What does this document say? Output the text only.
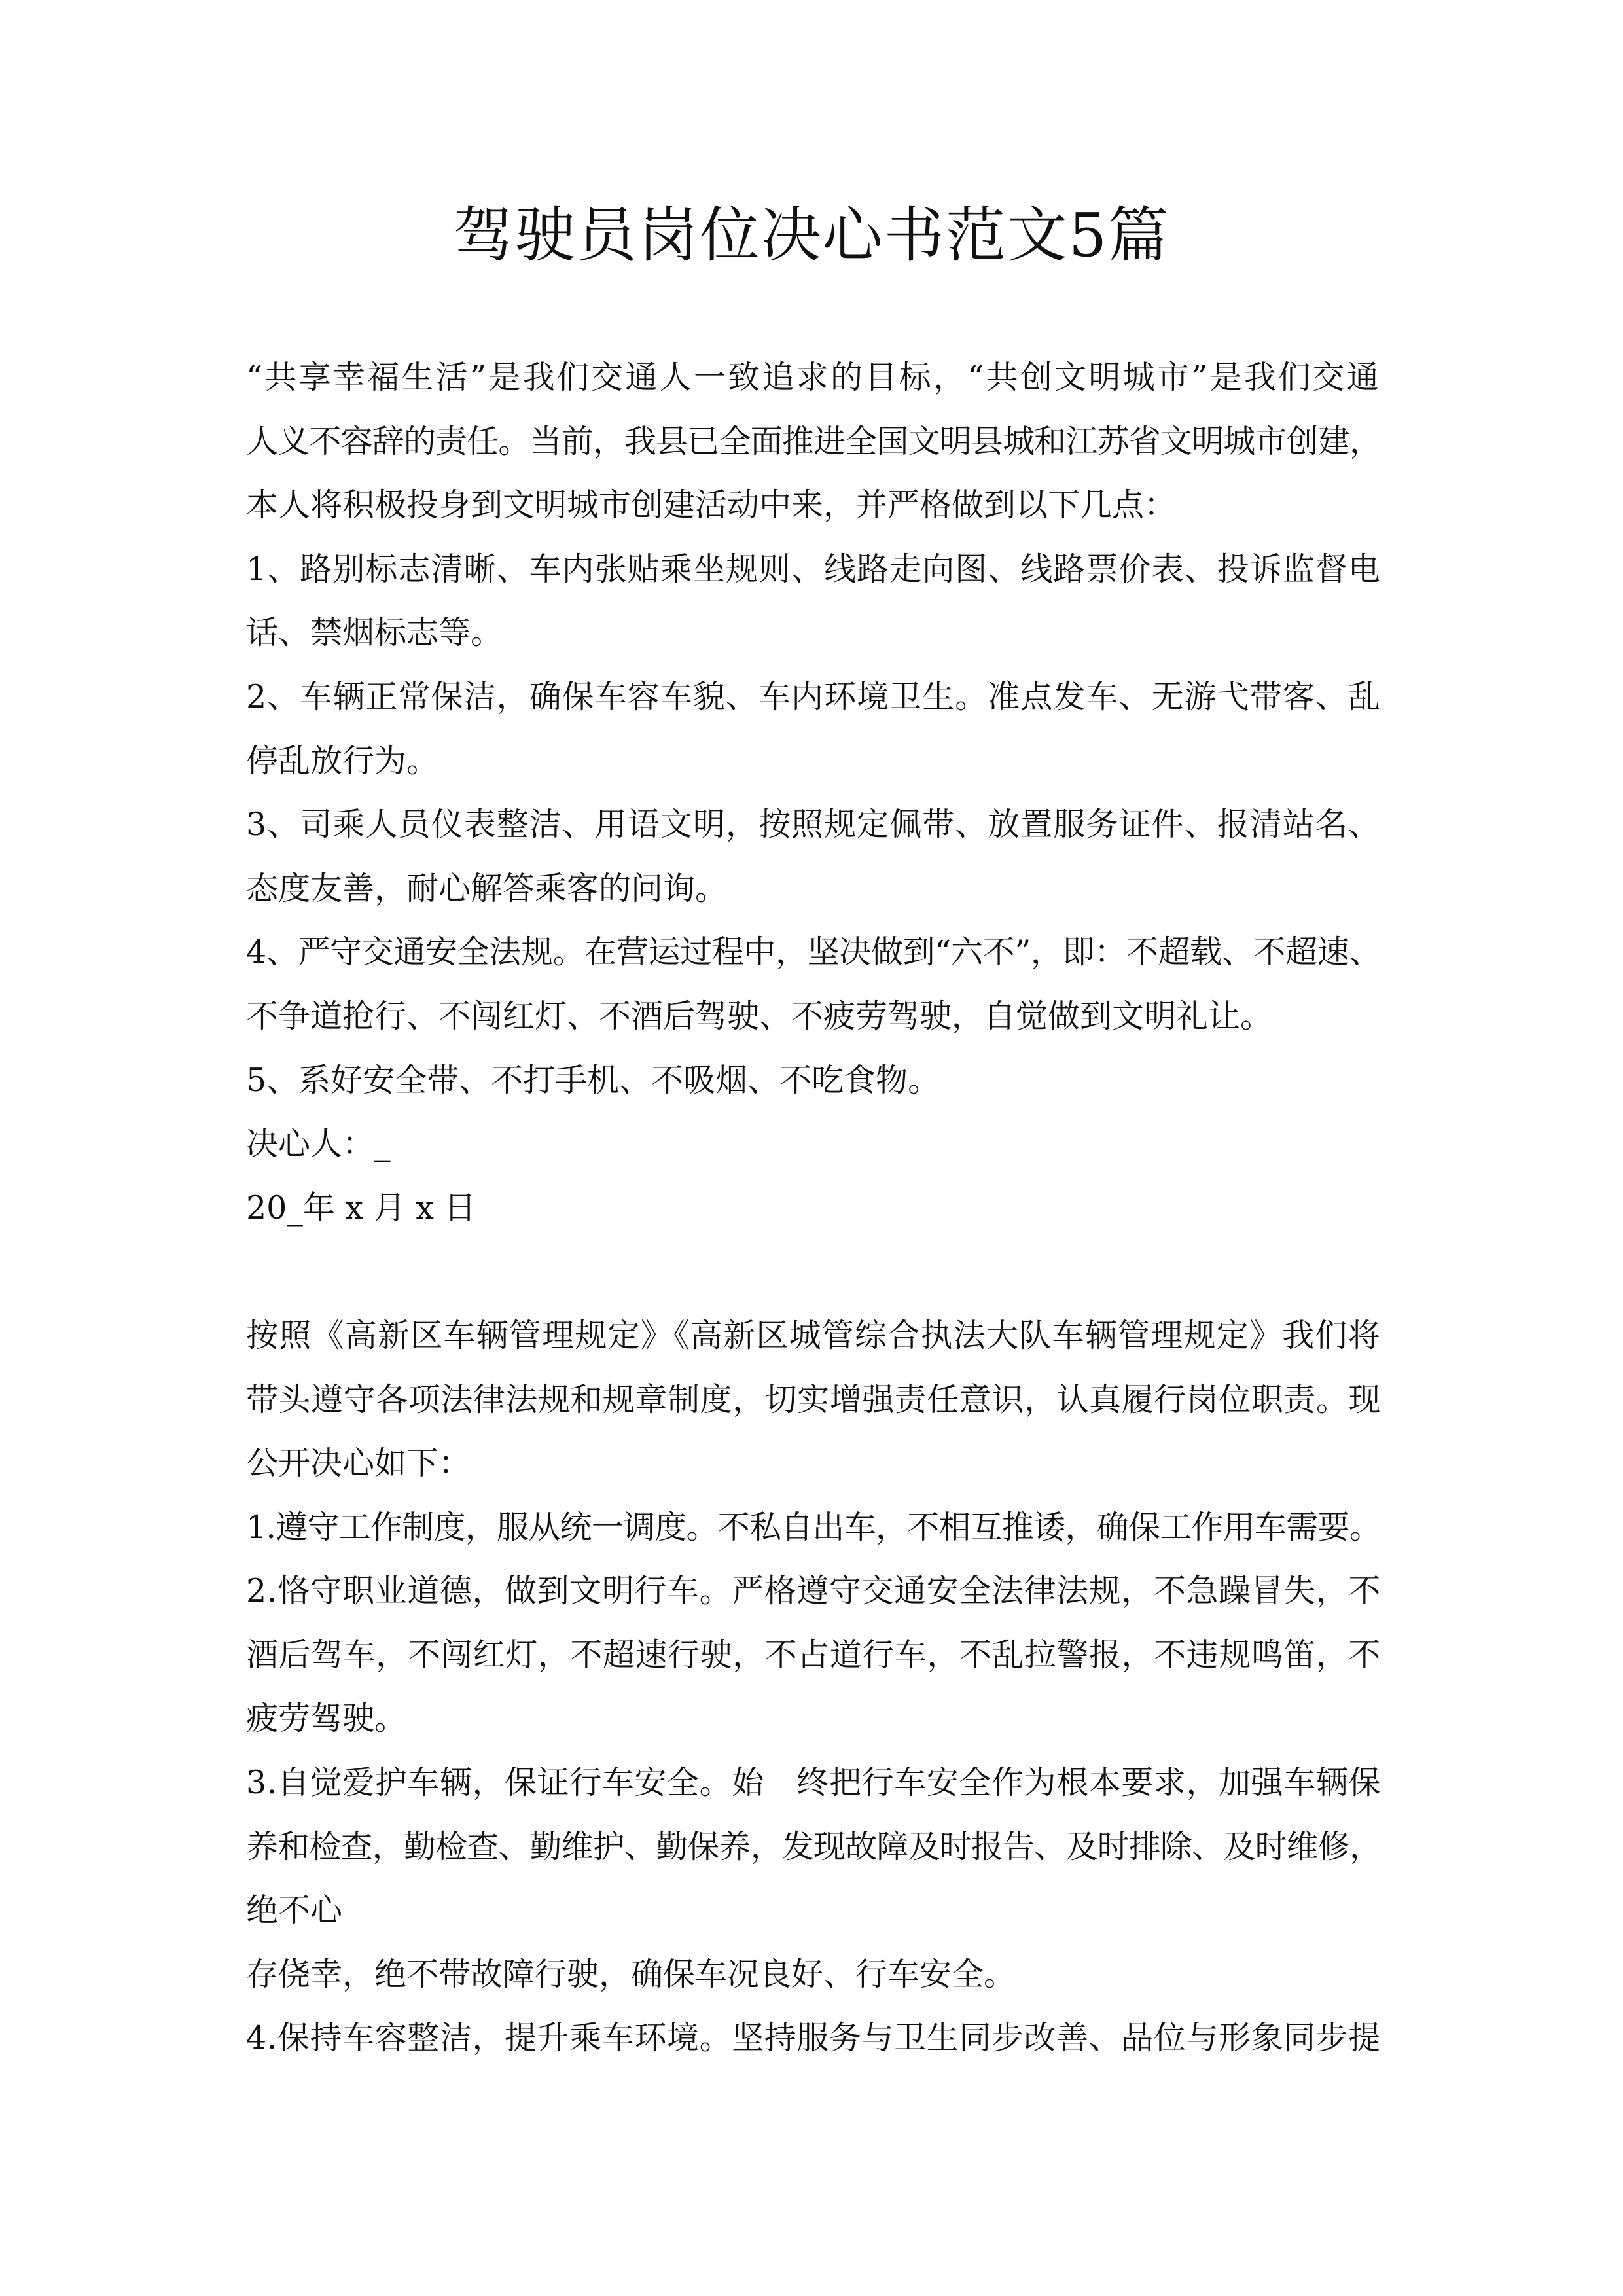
驾驶员岗位决心书范文5篇
“共享幸福生活”是我们交通人一致追求的目标，“共创文明城市”是我们交通
人义不容辞的责任。当前，我县已全面推进全国文明县城和江苏省文明城市创建，
本人将积极投身到文明城市创建活动中来，并严格做到以下几点：
1、路别标志清晰、车内张贴乘坐规则、线路走向图、线路票价表、投诉监督电
话、禁烟标志等。
2、车辆正常保洁，确保车容车貌、车内环境卫生。准点发车、无游弋带客、乱
停乱放行为。
3、司乘人员仪表整洁、用语文明，按照规定佩带、放置服务证件、报清站名、
态度友善，耐心解答乘客的问询。
4、严守交通安全法规。在营运过程中，坚决做到“六不”，即：不超载、不超速、
不争道抢行、不闯红灯、不酒后驾驶、不疲劳驾驶，自觉做到文明礼让。
5、系好安全带、不打手机、不吸烟、不吃食物。
决心人：_
20_年 x 月 x 日
按照《高新区车辆管理规定》《高新区城管综合执法大队车辆管理规定》我们将
带头遵守各项法律法规和规章制度，切实增强责任意识，认真履行岗位职责。现
公开决心如下：
1.遵守工作制度，服从统一调度。不私自出车，不相互推诿，确保工作用车需要。
2.恪守职业道德，做到文明行车。严格遵守交通安全法律法规，不急躁冒失，不
酒后驾车，不闯红灯，不超速行驶，不占道行车，不乱拉警报，不违规鸣笛，不
疲劳驾驶。
3.自觉爱护车辆，保证行车安全。始　终把行车安全作为根本要求，加强车辆保
养和检查，勤检查、勤维护、勤保养，发现故障及时报告、及时排除、及时维修，
绝不心
存侥幸，绝不带故障行驶，确保车况良好、行车安全。
4.保持车容整洁，提升乘车环境。坚持服务与卫生同步改善、品位与形象同步提
